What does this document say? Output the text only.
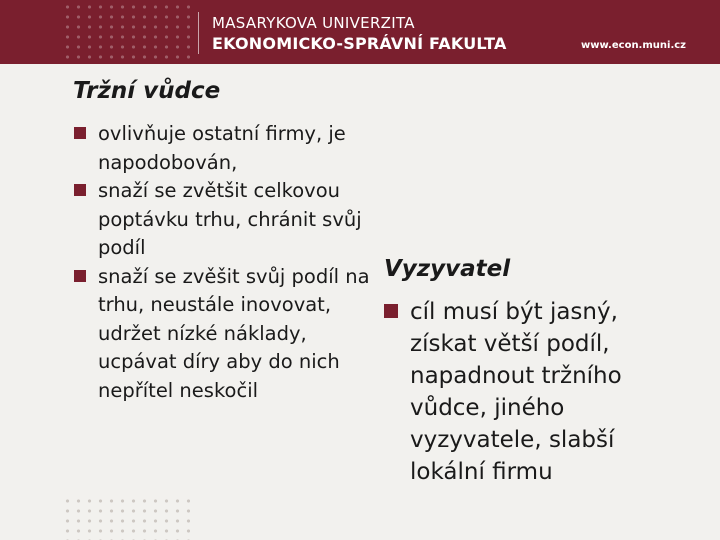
MASARYKOVA UNIVERZITA
EKONOMICKO-SPRÁVNÍ FAKULTA	www.econ.muni.cz
Tržní vůdce
ovlivňuje ostatní firmy, je napodobován,
snaží se zvětšit celkovou poptávku trhu, chránit svůj podíl
snaží se zvěšit svůj podíl na trhu, neustále inovovat, udržet nízké náklady, ucpávat díry aby do nich nepřítel neskočil
Vyzyvatel
cíl musí být jasný, získat větší podíl, napadnout tržního vůdce, jiného vyzyvatele, slabší lokální firmu
